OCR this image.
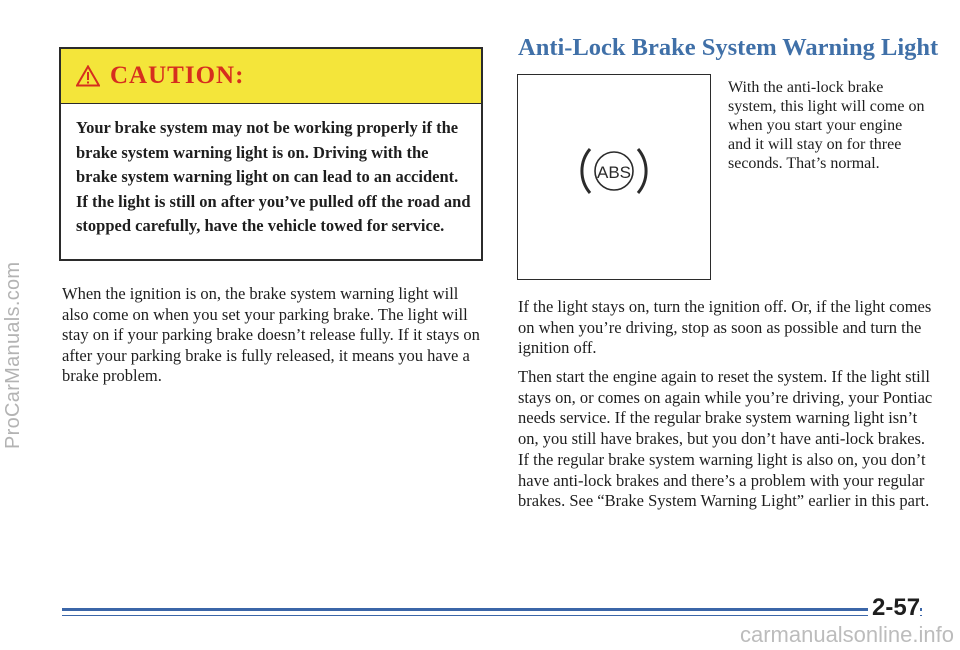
ProCarManuals.com
CAUTION:
Your brake system may not be working properly if the brake system warning light is on. Driving with the brake system warning light on can lead to an accident. If the light is still on after you’ve pulled off the road and stopped carefully, have the vehicle towed for service.

When the ignition is on, the brake system warning light will also come on when you set your parking brake. The light will stay on if your parking brake doesn’t release fully. If it stays on after your parking brake is fully released, it means you have a brake problem.

Anti-Lock Brake System Warning Light
ABS

With the anti-lock brake system, this light will come on when you start your engine and it will stay on for three seconds. That’s normal.

If the light stays on, turn the ignition off. Or, if the light comes on when you’re driving, stop as soon as possible and turn the ignition off.

Then start the engine again to reset the system. If the light still stays on, or comes on again while you’re driving, your Pontiac needs service. If the regular brake system warning light isn’t on, you still have brakes, but you don’t have anti-lock brakes. If the regular brake system warning light is also on, you don’t have anti-lock brakes and there’s a problem with your regular brakes. See “Brake System Warning Light” earlier in this part.

2-57
carmanualsonline.info
